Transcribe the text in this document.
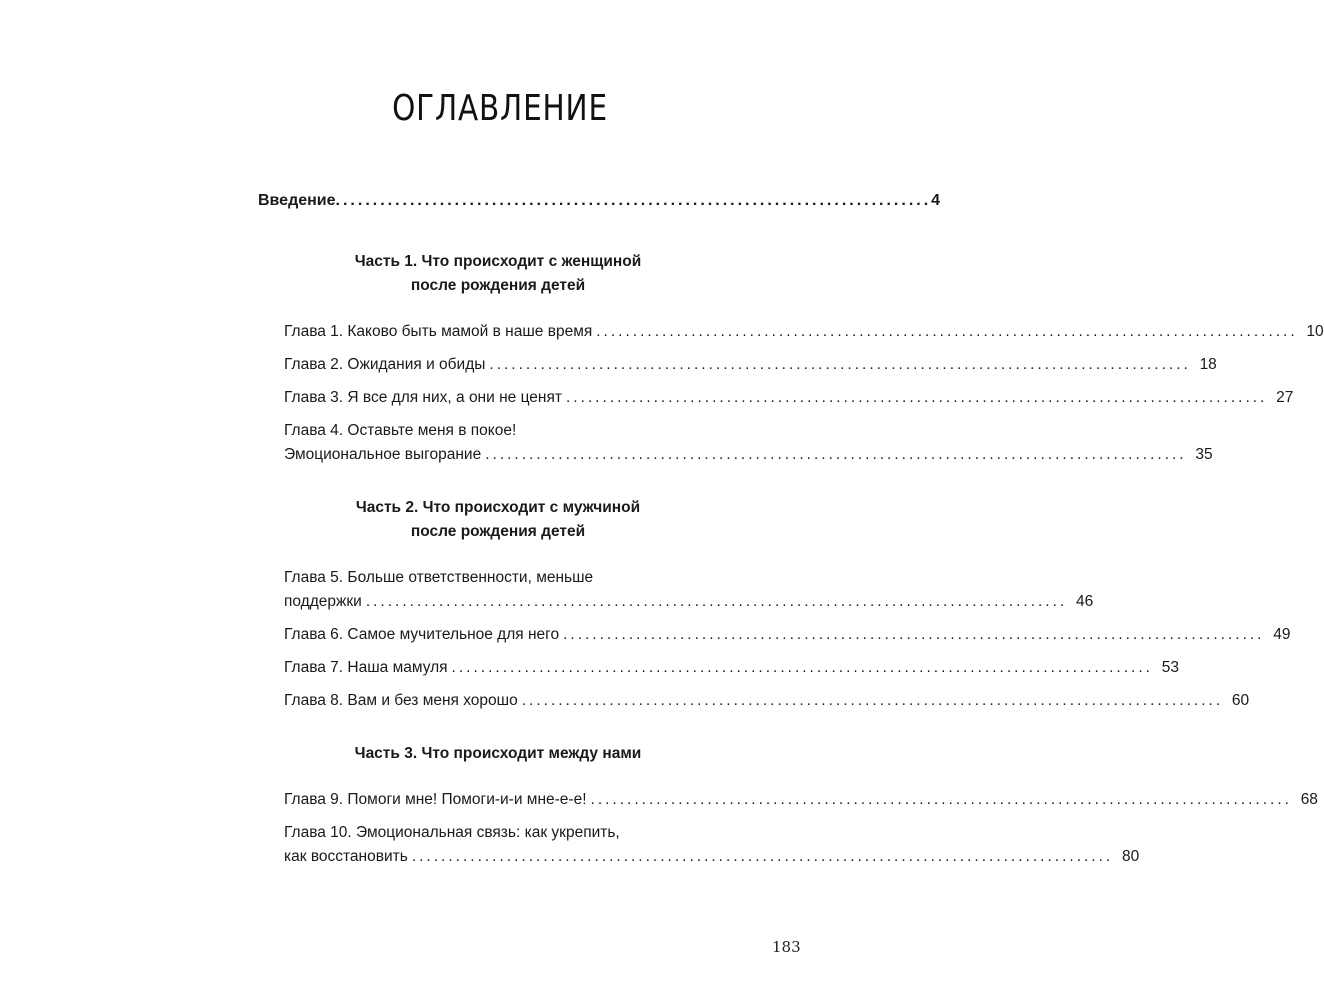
ОГЛАВЛЕНИЕ
Введение ................................................................................ 4
Часть 1. Что происходит с женщиной
после рождения детей
Глава 1. Каково быть мамой в наше время ................................................................................................ 10
Глава 2. Ожидания и обиды ................................................................................................ 18
Глава 3. Я все для них, а они не ценят ................................................................................................ 27
Глава 4. Оставьте меня в покое!
Эмоциональное выгорание ................................................................................................ 35
Часть 2. Что происходит с мужчиной
после рождения детей
Глава 5. Больше ответственности, меньше
поддержки ................................................................................................ 46
Глава 6. Самое мучительное для него ................................................................................................ 49
Глава 7. Наша мамуля ................................................................................................ 53
Глава 8. Вам и без меня хорошо ................................................................................................ 60
Часть 3. Что происходит между нами
Глава 9. Помоги мне! Помоги-и-и мне-е-е! ................................................................................................ 68
Глава 10. Эмоциональная связь: как укрепить,
как восстановить ................................................................................................ 80
183
